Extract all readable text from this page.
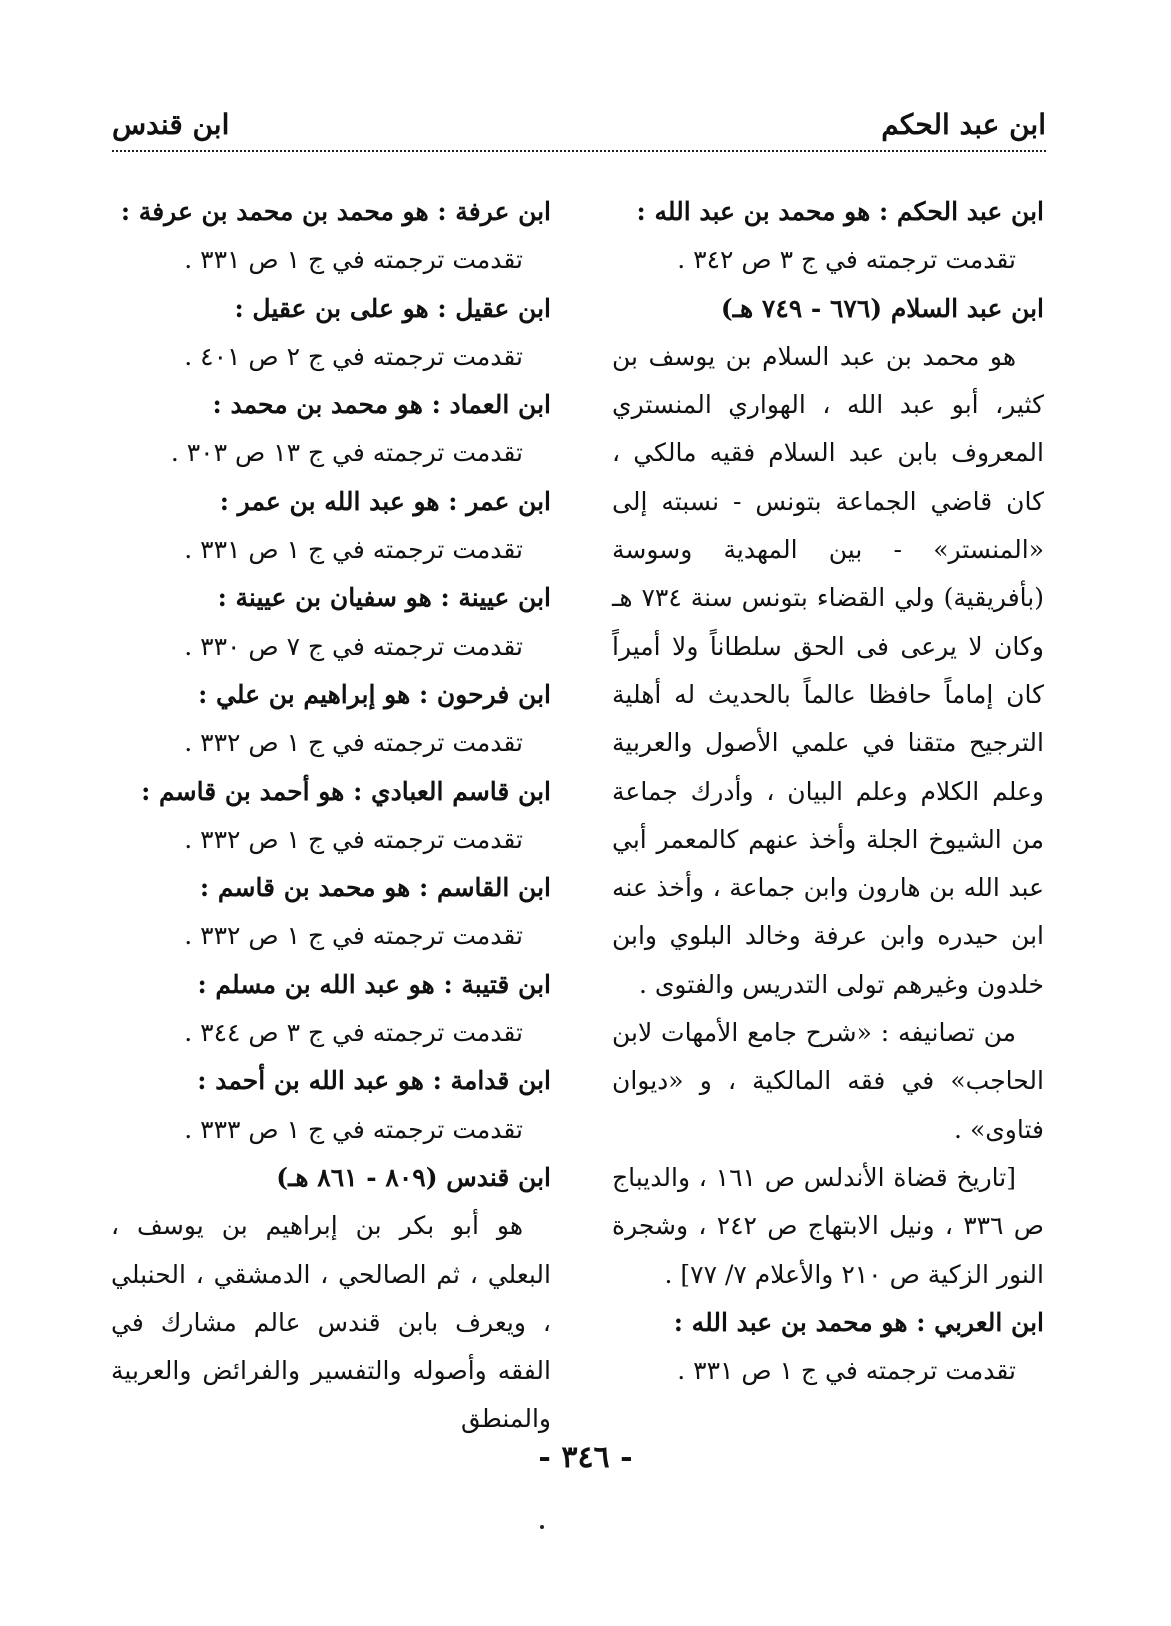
ابن عبد الحكم
ابن قندس
ابن عبد الحكم : هو محمد بن عبد الله :
تقدمت ترجمته في ج ٣ ص ٣٤٢ .
ابن عبد السلام (٦٧٦ - ٧٤٩ هـ)
هو محمد بن عبد السلام بن يوسف بن كثير، أبو عبد الله ، الهواري المنستري المعروف بابن عبد السلام فقيه مالكي ، كان قاضي الجماعة بتونس - نسبته إلى «المنستر» - بين المهدية وسوسة (بأفريقية) ولي القضاء بتونس سنة ٧٣٤ هـ وكان لا يرعى فى الحق سلطاناً ولا أميراً كان إماماً حافظا عالماً بالحديث له أهلية الترجيح متقنا في علمي الأصول والعربية وعلم الكلام وعلم البيان ، وأدرك جماعة من الشيوخ الجلة وأخذ عنهم كالمعمر أبي عبد الله بن هارون وابن جماعة ، وأخذ عنه ابن حيدره وابن عرفة وخالد البلوي وابن خلدون وغيرهم تولى التدريس والفتوى .
من تصانيفه : «شرح جامع الأمهات لابن الحاجب» في فقه المالكية ، و «ديوان فتاوى» .
[تاريخ قضاة الأندلس ص ١٦١ ، والديباج ص ٣٣٦ ، ونيل الابتهاج ص ٢٤٢ ، وشجرة النور الزكية ص ٢١٠ والأعلام ٧/ ٧٧] .
ابن العربي : هو محمد بن عبد الله :
تقدمت ترجمته في ج ١ ص ٣٣١ .
ابن عرفة : هو محمد بن محمد بن عرفة :
تقدمت ترجمته في ج ١ ص ٣٣١ .
ابن عقيل : هو على بن عقيل :
تقدمت ترجمته في ج ٢ ص ٤٠١ .
ابن العماد : هو محمد بن محمد :
تقدمت ترجمته في ج ١٣ ص ٣٠٣ .
ابن عمر : هو عبد الله بن عمر :
تقدمت ترجمته في ج ١ ص ٣٣١ .
ابن عيينة : هو سفيان بن عيينة :
تقدمت ترجمته في ج ٧ ص ٣٣٠ .
ابن فرحون : هو إبراهيم بن علي :
تقدمت ترجمته في ج ١ ص ٣٣٢ .
ابن قاسم العبادي : هو أحمد بن قاسم :
تقدمت ترجمته في ج ١ ص ٣٣٢ .
ابن القاسم : هو محمد بن قاسم :
تقدمت ترجمته في ج ١ ص ٣٣٢ .
ابن قتيبة : هو عبد الله بن مسلم :
تقدمت ترجمته في ج ٣ ص ٣٤٤ .
ابن قدامة : هو عبد الله بن أحمد :
تقدمت ترجمته في ج ١ ص ٣٣٣ .
ابن قندس (٨٠٩ - ٨٦١ هـ)
هو أبو بكر بن إبراهيم بن يوسف ، البعلي ، ثم الصالحي ، الدمشقي ، الحنبلي ، ويعرف بابن قندس عالم مشارك في الفقه وأصوله والتفسير والفرائض والعربية والمنطق
- ٣٤٦ -
